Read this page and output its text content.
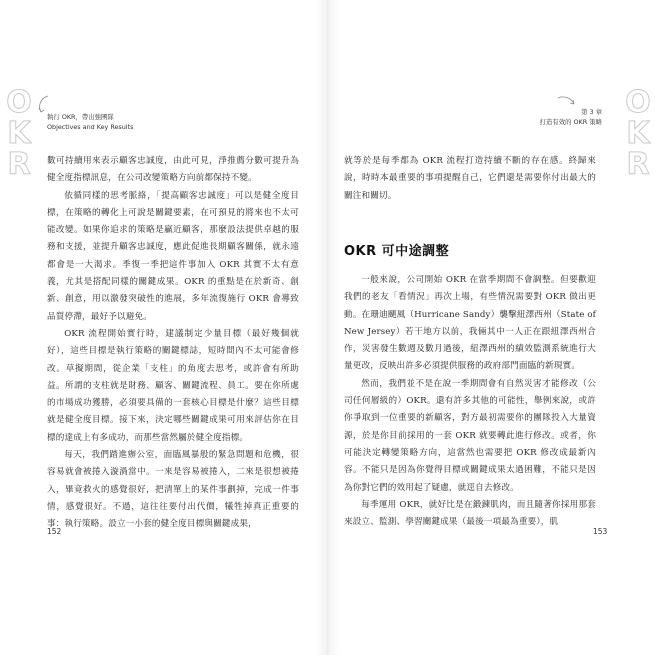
O
K
R
O
K
R
執行 OKR，帶出強團隊
Objectives and Key Results
第 3 章
打造有效的 OKR 策略

數可持續用來表示顧客忠誠度，由此可見，淨推薦分數可提升為健全度指標訊息，在公司改變策略方向前都保持不變。

依循同樣的思考脈絡，「提高顧客忠誠度」可以是健全度目標，在策略的轉化上可說是關鍵要素，在可預見的將來也不太可能改變。如果你追求的策略是贏近顧客，那麼設法提供卓越的服務和支援，並提升顧客忠誠度，應此促進長期顧客關係，就永遠都會是一大渴求。季復一季把這件事加入 OKR 其實不太有意義，尤其是搭配同樣的關鍵成果。OKR 的重點是在於新奇、創新、創意，用以激發突破性的進展，多年流復施行 OKR 會導致品質停滯，最好予以避免。

OKR 流程開始實行時，建議制定少量目標（最好幾個就好），這些目標是執行策略的關鍵標誌，短時間內不太可能會修改。草擬期間，從企業「支柱」的角度去思考，或許會有所助益。所謂的支柱就是財務、顧客、關鍵流程、員工。要在你所處的市場成功獲勝，必須要具備的一套核心目標是什麼？這些目標就是健全度目標。接下來，決定哪些關鍵成果可用來評估你在目標的達成上有多成功，而那些當然屬於健全度指標。

每天，我們踏進辦公室，面臨風暴般的緊急問題和危機，很容易就會被捲入漩渦當中。一來是容易被捲入，二來是很想被捲入，畢竟救火的感覺很好，把清單上的某件事劃掉，完成一件事情，感覺很好。不過，這往往要付出代價，犧牲掉真正重要的事：執行策略。設立一小套的健全度目標與關鍵成果，

就等於是每季都為 OKR 流程打造持續不斷的存在感。終歸來說，時時本最重要的事項提醒自己，它們還是需要你付出最大的關注和關切。

OKR 可中途調整

一般來說，公司開始 OKR 在當季期間不會調整。但要歡迎我們的老友「看情況」再次上場，有些情況需要對 OKR 做出更動。在珊迪颶風（Hurricane Sandy）襲擊紐澤西州（State of New Jersey）若干地方以前，我倆其中一人正在跟紐澤西州合作，災害發生數週及數月過後，紐澤西州的績效監測系統進行大量更改，反映出許多必須提供服務的政府部門面臨的新現實。

然而，我們並不是在說一季期間會有自然災害才能修改（公司任何層級的）OKR。還有許多其他的可能性，舉例來說，或許你爭取到一位重要的新顧客，對方最初需要你的團隊投入大量資源，於是你目前採用的一套 OKR 就要轉此進行修改。或者，你可能決定轉變策略方向，這當然也需要把 OKR 修改成最新內容。不能只是因為你覺得目標或關鍵成果太過困難，不能只是因為你對它們的效用起了疑慮，就逕自去修改。

每季運用 OKR，就好比是在鍛鍊肌肉，而且隨著你採用那套來設立、監測、學習關鍵成果（最後一項最為重要），肌

152	153
